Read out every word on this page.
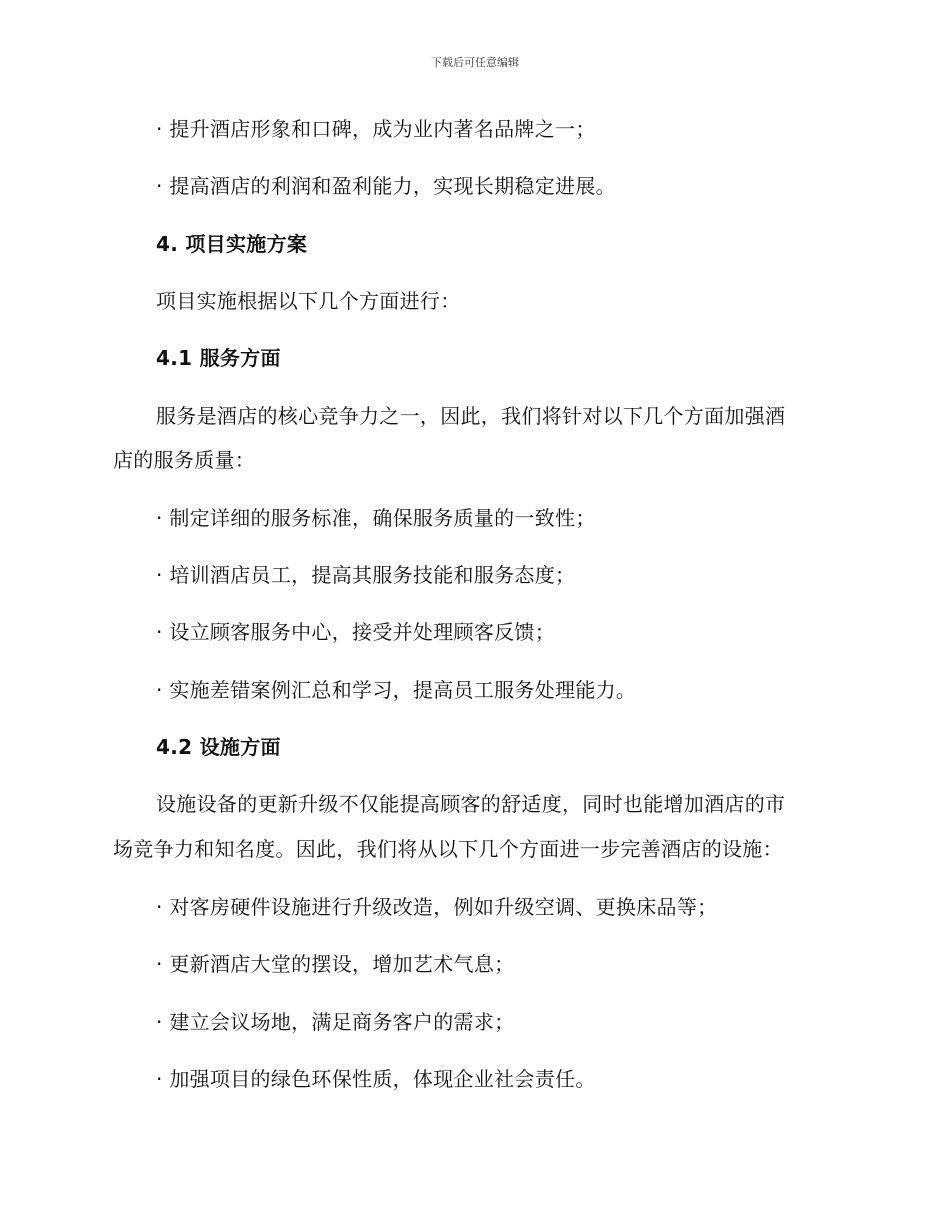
下载后可任意编辑
· 提升酒店形象和口碑，成为业内著名品牌之一；
· 提高酒店的利润和盈利能力，实现长期稳定进展。
4. 项目实施方案
项目实施根据以下几个方面进行：
4.1 服务方面
服务是酒店的核心竞争力之一，因此，我们将针对以下几个方面加强酒
店的服务质量：
· 制定详细的服务标准，确保服务质量的一致性；
· 培训酒店员工，提高其服务技能和服务态度；
· 设立顾客服务中心，接受并处理顾客反馈；
· 实施差错案例汇总和学习，提高员工服务处理能力。
4.2 设施方面
设施设备的更新升级不仅能提高顾客的舒适度，同时也能增加酒店的市
场竞争力和知名度。因此，我们将从以下几个方面进一步完善酒店的设施：
· 对客房硬件设施进行升级改造，例如升级空调、更换床品等；
· 更新酒店大堂的摆设，增加艺术气息；
· 建立会议场地，满足商务客户的需求；
· 加强项目的绿色环保性质，体现企业社会责任。
